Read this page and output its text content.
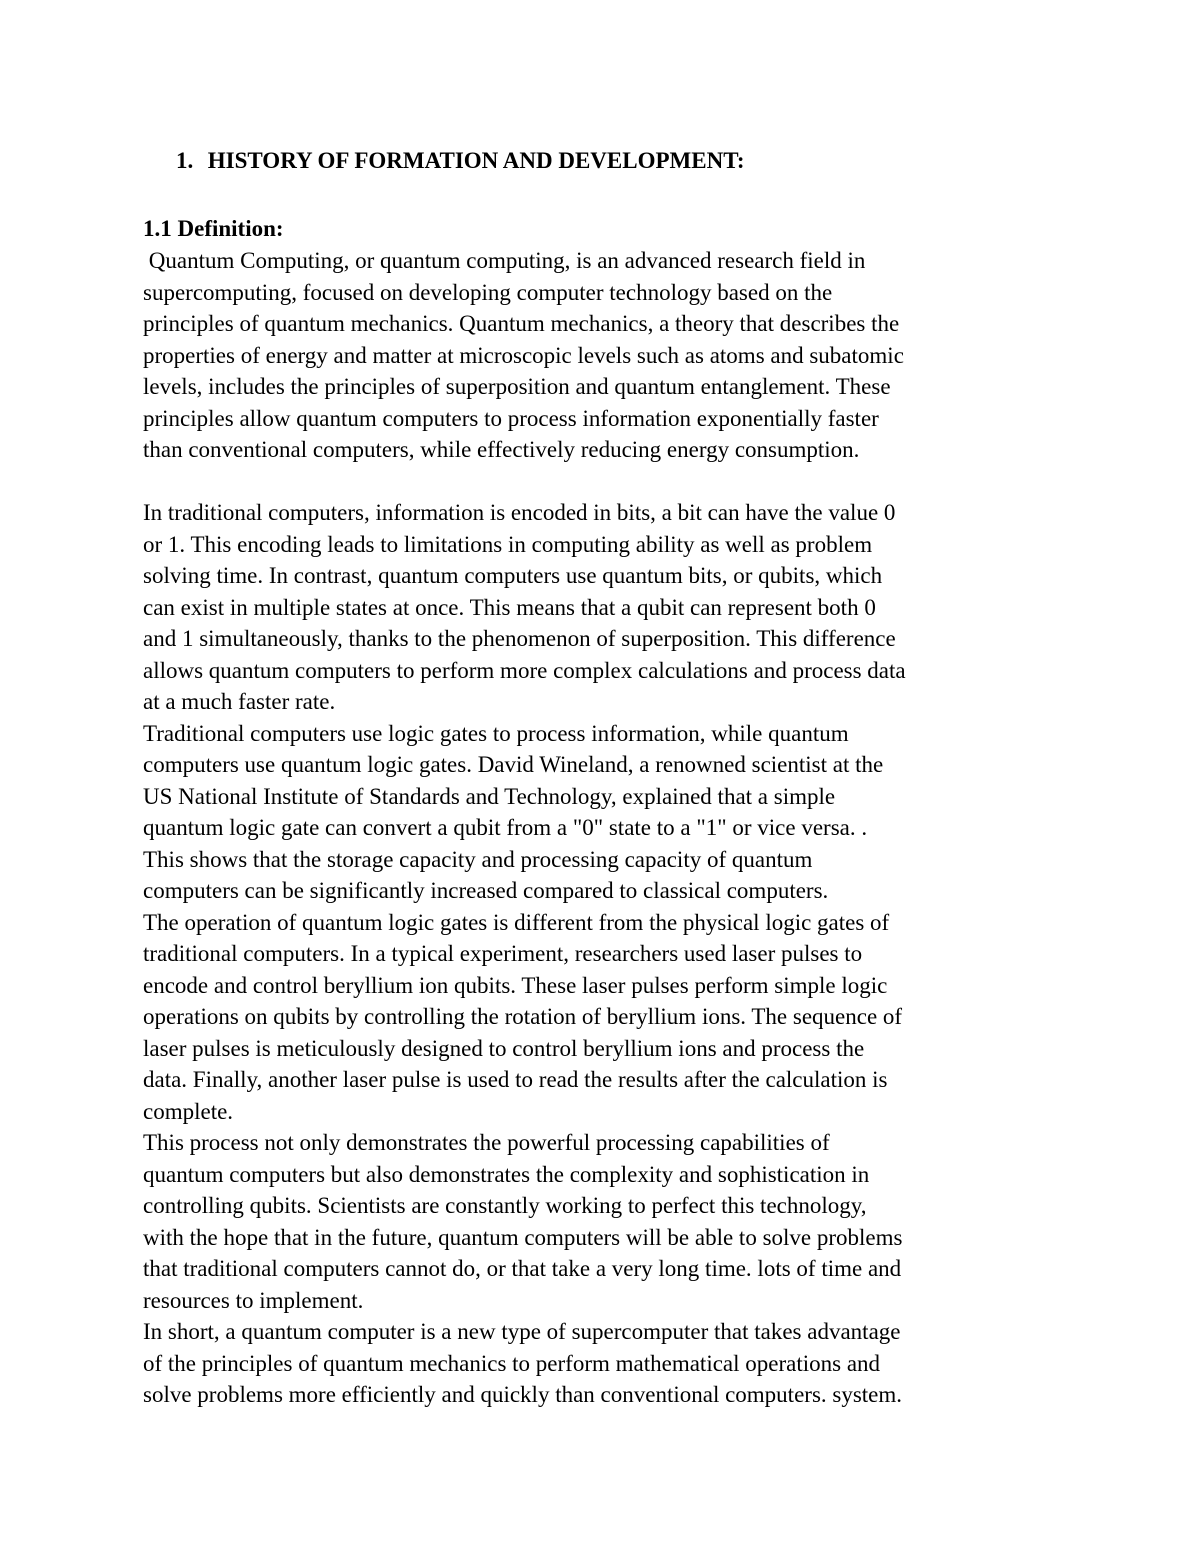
1. HISTORY OF FORMATION AND DEVELOPMENT:
1.1 Definition:
Quantum Computing, or quantum computing, is an advanced research field in
supercomputing, focused on developing computer technology based on the
principles of quantum mechanics. Quantum mechanics, a theory that describes the
properties of energy and matter at microscopic levels such as atoms and subatomic
levels, includes the principles of superposition and quantum entanglement. These
principles allow quantum computers to process information exponentially faster
than conventional computers, while effectively reducing energy consumption.
In traditional computers, information is encoded in bits, a bit can have the value 0
or 1. This encoding leads to limitations in computing ability as well as problem
solving time. In contrast, quantum computers use quantum bits, or qubits, which
can exist in multiple states at once. This means that a qubit can represent both 0
and 1 simultaneously, thanks to the phenomenon of superposition. This difference
allows quantum computers to perform more complex calculations and process data
at a much faster rate.
Traditional computers use logic gates to process information, while quantum
computers use quantum logic gates. David Wineland, a renowned scientist at the
US National Institute of Standards and Technology, explained that a simple
quantum logic gate can convert a qubit from a "0" state to a "1" or vice versa. .
This shows that the storage capacity and processing capacity of quantum
computers can be significantly increased compared to classical computers.
The operation of quantum logic gates is different from the physical logic gates of
traditional computers. In a typical experiment, researchers used laser pulses to
encode and control beryllium ion qubits. These laser pulses perform simple logic
operations on qubits by controlling the rotation of beryllium ions. The sequence of
laser pulses is meticulously designed to control beryllium ions and process the
data. Finally, another laser pulse is used to read the results after the calculation is
complete.
This process not only demonstrates the powerful processing capabilities of
quantum computers but also demonstrates the complexity and sophistication in
controlling qubits. Scientists are constantly working to perfect this technology,
with the hope that in the future, quantum computers will be able to solve problems
that traditional computers cannot do, or that take a very long time. lots of time and
resources to implement.
In short, a quantum computer is a new type of supercomputer that takes advantage
of the principles of quantum mechanics to perform mathematical operations and
solve problems more efficiently and quickly than conventional computers. system.
